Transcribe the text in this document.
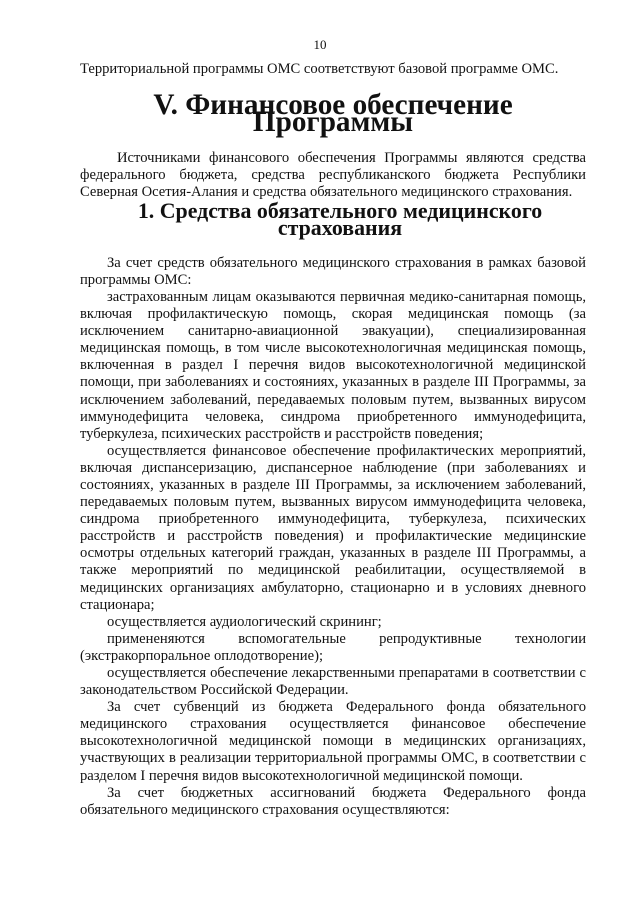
10

Территориальной программы ОМС соответствуют базовой программе ОМС.

V. Финансовое обеспечение Программы

Источниками финансового обеспечения Программы являются средства федерального бюджета, средства республиканского бюджета Республики Северная Осетия-Алания и средства обязательного медицинского страхования.

1. Средства обязательного медицинского страхования

За счет средств обязательного медицинского страхования в рамках базовой программы ОМС:

застрахованным лицам оказываются первичная медико-санитарная помощь, включая профилактическую помощь, скорая медицинская помощь (за исключением санитарно-авиационной эвакуации), специализированная медицинская помощь, в том числе высокотехнологичная медицинская помощь, включенная в раздел I перечня видов высокотехнологичной медицинской помощи, при заболеваниях и состояниях, указанных в разделе III Программы, за исключением заболеваний, передаваемых половым путем, вызванных вирусом иммунодефицита человека, синдрома приобретенного иммунодефицита, туберкулеза, психических расстройств и расстройств поведения;

осуществляется финансовое обеспечение профилактических мероприятий, включая диспансеризацию, диспансерное наблюдение (при заболеваниях и состояниях, указанных в разделе III Программы, за исключением заболеваний, передаваемых половым путем, вызванных вирусом иммунодефицита человека, синдрома приобретенного иммунодефицита, туберкулеза, психических расстройств и расстройств поведения) и профилактические медицинские осмотры отдельных категорий граждан, указанных в разделе III Программы, а также мероприятий по медицинской реабилитации, осуществляемой в медицинских организациях амбулаторно, стационарно и в условиях дневного стационара;

осуществляется аудиологический скрининг;

примененяются вспомогательные репродуктивные технологии (экстракорпоральное оплодотворение);

осуществляется обеспечение лекарственными препаратами в соответствии с законодательством Российской Федерации.

За счет субвенций из бюджета Федерального фонда обязательного медицинского страхования осуществляется финансовое обеспечение высокотехнологичной медицинской помощи в медицинских организациях, участвующих в реализации территориальной программы ОМС, в соответствии с разделом I перечня видов высокотехнологичной медицинской помощи.

За счет бюджетных ассигнований бюджета Федерального фонда обязательного медицинского страхования осуществляются:
